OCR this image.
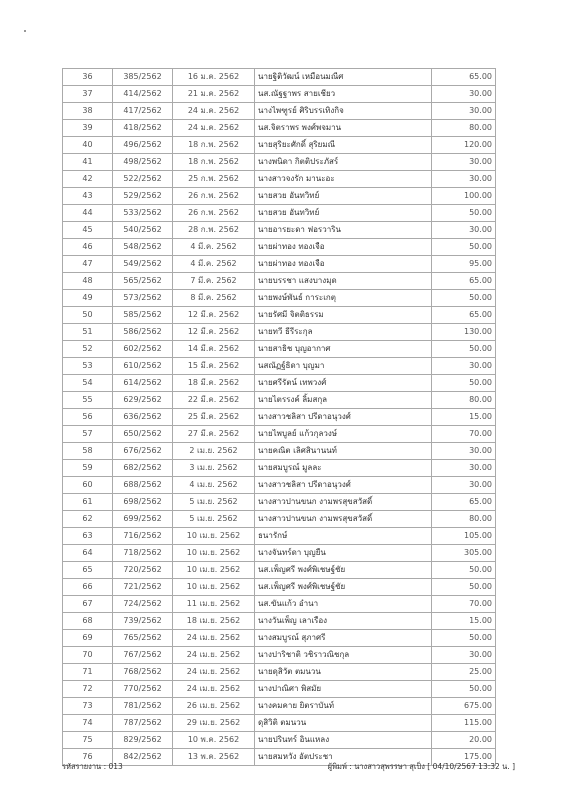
36	385/2562	16 ม.ค. 2562	นายฐิติวัฒน์ เหมือนมณีศ	65.00
37	414/2562	21 ม.ค. 2562	นส.ณัฐฐาพร สายเชียว	30.00
38	417/2562	24 ม.ค. 2562	นางไพฑูรย์ ศิริบรรเทิงกิจ	30.00
39	418/2562	24 ม.ค. 2562	นส.จิตราพร พงศ์พจมาน	80.00
40	496/2562	18 ก.พ. 2562	นายสุริยะศักดิ์ สุริยมณี	120.00
41	498/2562	18 ก.พ. 2562	นางพนิดา กิตติประภัสร์	30.00
42	522/2562	25 ก.พ. 2562	นางสาวจงรัก มานะอะ	30.00
43	529/2562	26 ก.พ. 2562	นายสวย อันทวิทย์	100.00
44	533/2562	26 ก.พ. 2562	นายสวย อันทวิทย์	50.00
45	540/2562	28 ก.พ. 2562	นายอารยะดา ฟอรวาริน	30.00
46	548/2562	4 มี.ค. 2562	นายผ่าทอง ทองเจือ	50.00
47	549/2562	4 มี.ค. 2562	นายผ่าทอง ทองเจือ	95.00
48	565/2562	7 มี.ค. 2562	นายบรรชา แสงบางมุด	65.00
49	573/2562	8 มี.ค. 2562	นายพงษ์พันธ์ การะเกตุ	50.00
50	585/2562	12 มี.ค. 2562	นายรัศมี จิตติธรรม	65.00
51	586/2562	12 มี.ค. 2562	นายทวี ธีรีระกุล	130.00
52	602/2562	14 มี.ค. 2562	นายสาธิช บุญอากาศ	50.00
53	610/2562	15 มี.ค. 2562	นสณัฏฐ์ธิดา บุญมา	30.00
54	614/2562	18 มี.ค. 2562	นายศรีรัตน์ เทพวงศ์	50.00
55	629/2562	22 มี.ค. 2562	นายไตรรงค์ ลิ้มสกุล	80.00
56	636/2562	25 มี.ค. 2562	นางสาวชลิสา ปรีดาอนุวงศ์	15.00
57	650/2562	27 มี.ค. 2562	นายไพบูลย์ แก้วกุลวงษ์	70.00
58	676/2562	2 เม.ย. 2562	นายคณิต เลิศสินานนท์	30.00
59	682/2562	3 เม.ย. 2562	นายสมบูรณ์ มูลละ	30.00
60	688/2562	4 เม.ย. 2562	นางสาวชลิสา ปรีดาอนุวงศ์	30.00
61	698/2562	5 เม.ย. 2562	นางสาวปานขนก งามพรสุขสวัสดิ์	65.00
62	699/2562	5 เม.ย. 2562	นางสาวปานขนก งามพรสุขสวัสดิ์	80.00
63	716/2562	10 เม.ย. 2562	ธนารักษ์	105.00
64	718/2562	10 เม.ย. 2562	นางจันทร์ดา บุญยืน	305.00
65	720/2562	10 เม.ย. 2562	นส.เพ็ญศรี พงศ์พิเชษฐ์ชัย	50.00
66	721/2562	10 เม.ย. 2562	นส.เพ็ญศรี พงศ์พิเชษฐ์ชัย	50.00
67	724/2562	11 เม.ย. 2562	นส.ขันแก้ว อำนา	70.00
68	739/2562	18 เม.ย. 2562	นางวันเพ็ญ เลาเรือง	15.00
69	765/2562	24 เม.ย. 2562	นางสมบูรณ์ สุภาศรี	50.00
70	767/2562	24 เม.ย. 2562	นางปาริชาติ วชิราวณิชกุล	30.00
71	768/2562	24 เม.ย. 2562	นายดุสิวัต ตมนวน	25.00
72	770/2562	24 เม.ย. 2562	นางปาณิศา พิสมัย	50.00
73	781/2562	26 เม.ย. 2562	นางคมคาย ยิตราบันท์	675.00
74	787/2562	29 เม.ย. 2562	ดุสิวิติ ตมนวน	115.00
75	829/2562	10 พ.ค. 2562	นายปรินทร์ อินแหลง	20.00
76	842/2562	13 พ.ค. 2562	นายสมหวัง อัตประชา	175.00
รหัสรายงาน : 013	ผู้พิมพ์ : นางสาวสุพรรษา สุเป็ง [ 04/10/2567 13:32 น. ]
